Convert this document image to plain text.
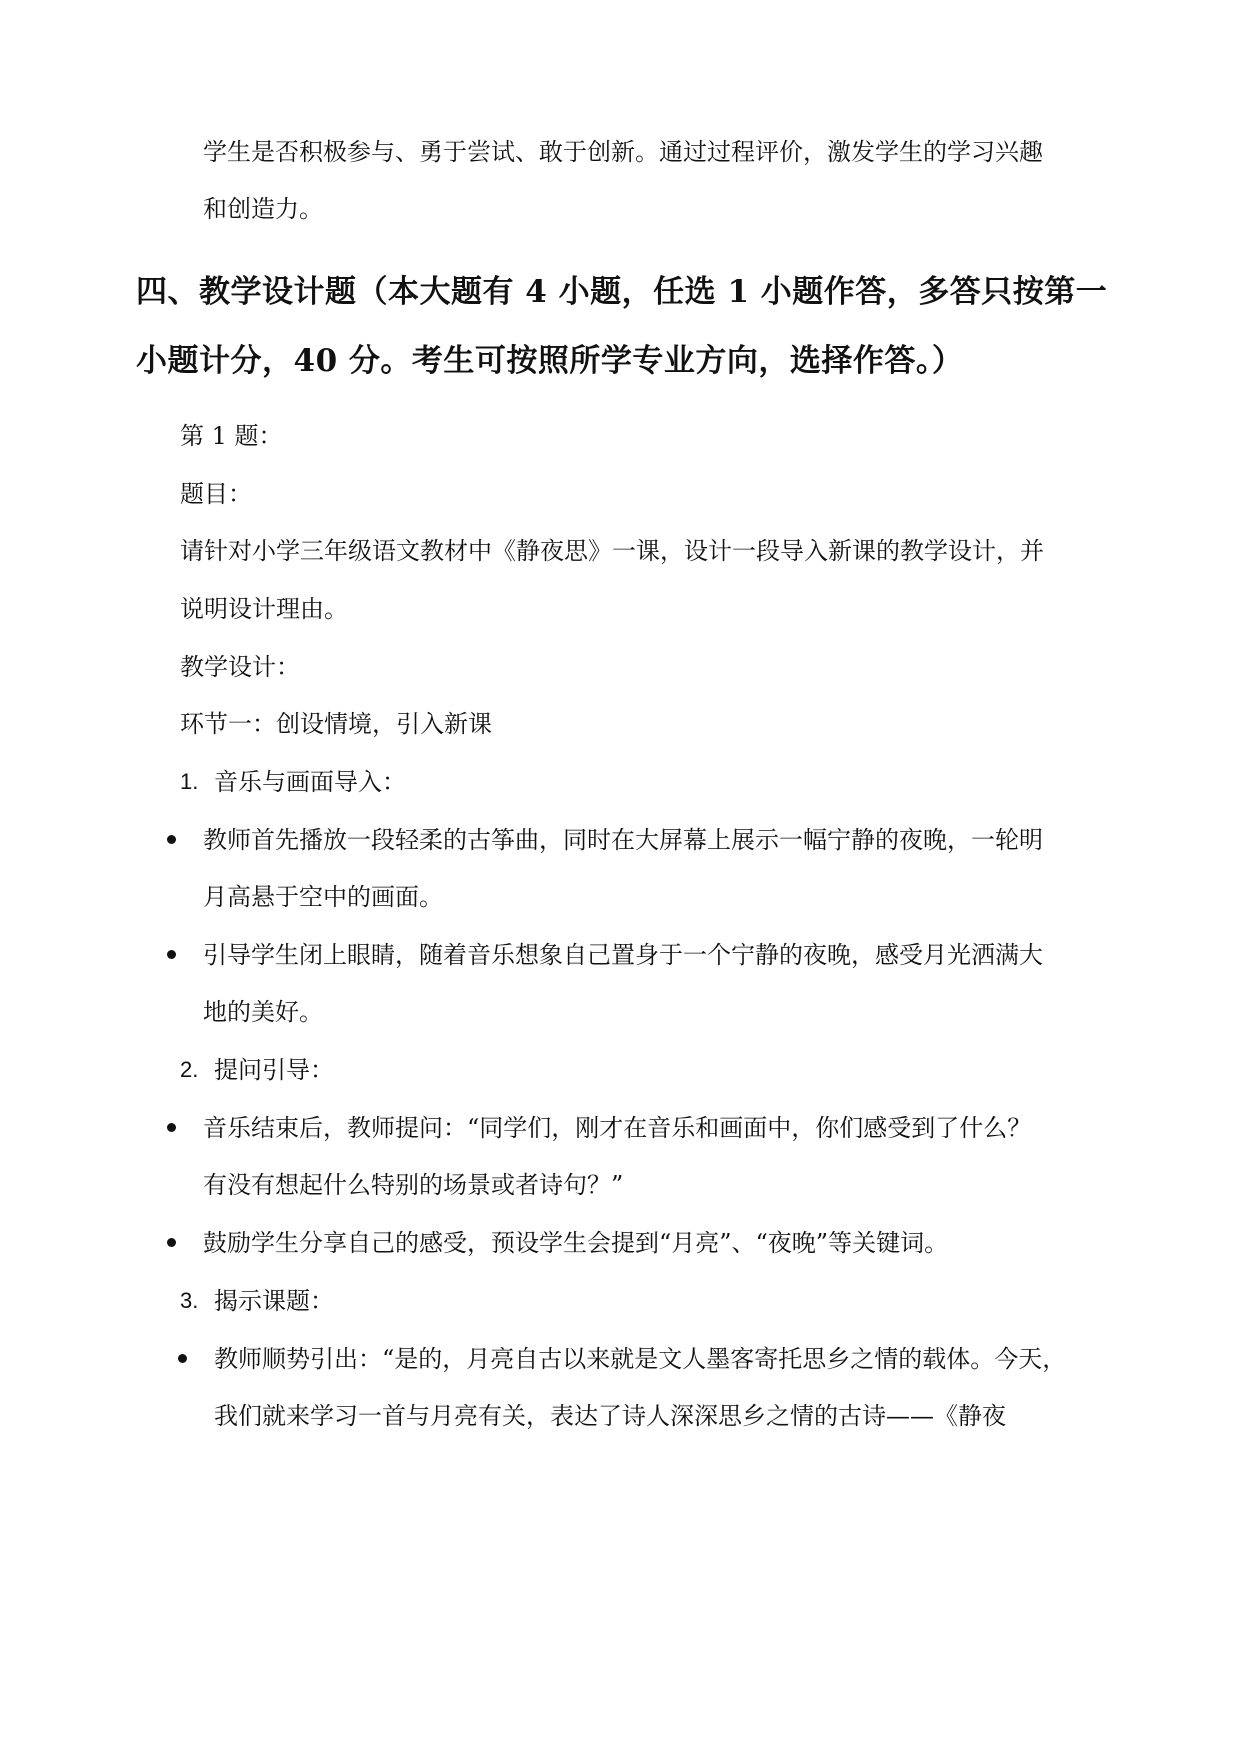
学生是否积极参与、勇于尝试、敢于创新。通过过程评价，激发学生的学习兴趣
和创造力。
四、教学设计题（本大题有 4 小题，任选 1 小题作答，多答只按第一
小题计分，40 分。考生可按照所学专业方向，选择作答。）
第 1 题：
题目：
请针对小学三年级语文教材中《静夜思》一课，设计一段导入新课的教学设计，并
说明设计理由。
教学设计：
环节一：创设情境，引入新课
1. 音乐与画面导入：
教师首先播放一段轻柔的古筝曲，同时在大屏幕上展示一幅宁静的夜晚，一轮明
月高悬于空中的画面。
引导学生闭上眼睛，随着音乐想象自己置身于一个宁静的夜晚，感受月光洒满大
地的美好。
2. 提问引导：
音乐结束后，教师提问：“同学们，刚才在音乐和画面中，你们感受到了什么？
有没有想起什么特别的场景或者诗句？”
鼓励学生分享自己的感受，预设学生会提到“月亮”、“夜晚”等关键词。
3. 揭示课题：
教师顺势引出：“是的，月亮自古以来就是文人墨客寄托思乡之情的载体。今天，
我们就来学习一首与月亮有关，表达了诗人深深思乡之情的古诗——《静夜
